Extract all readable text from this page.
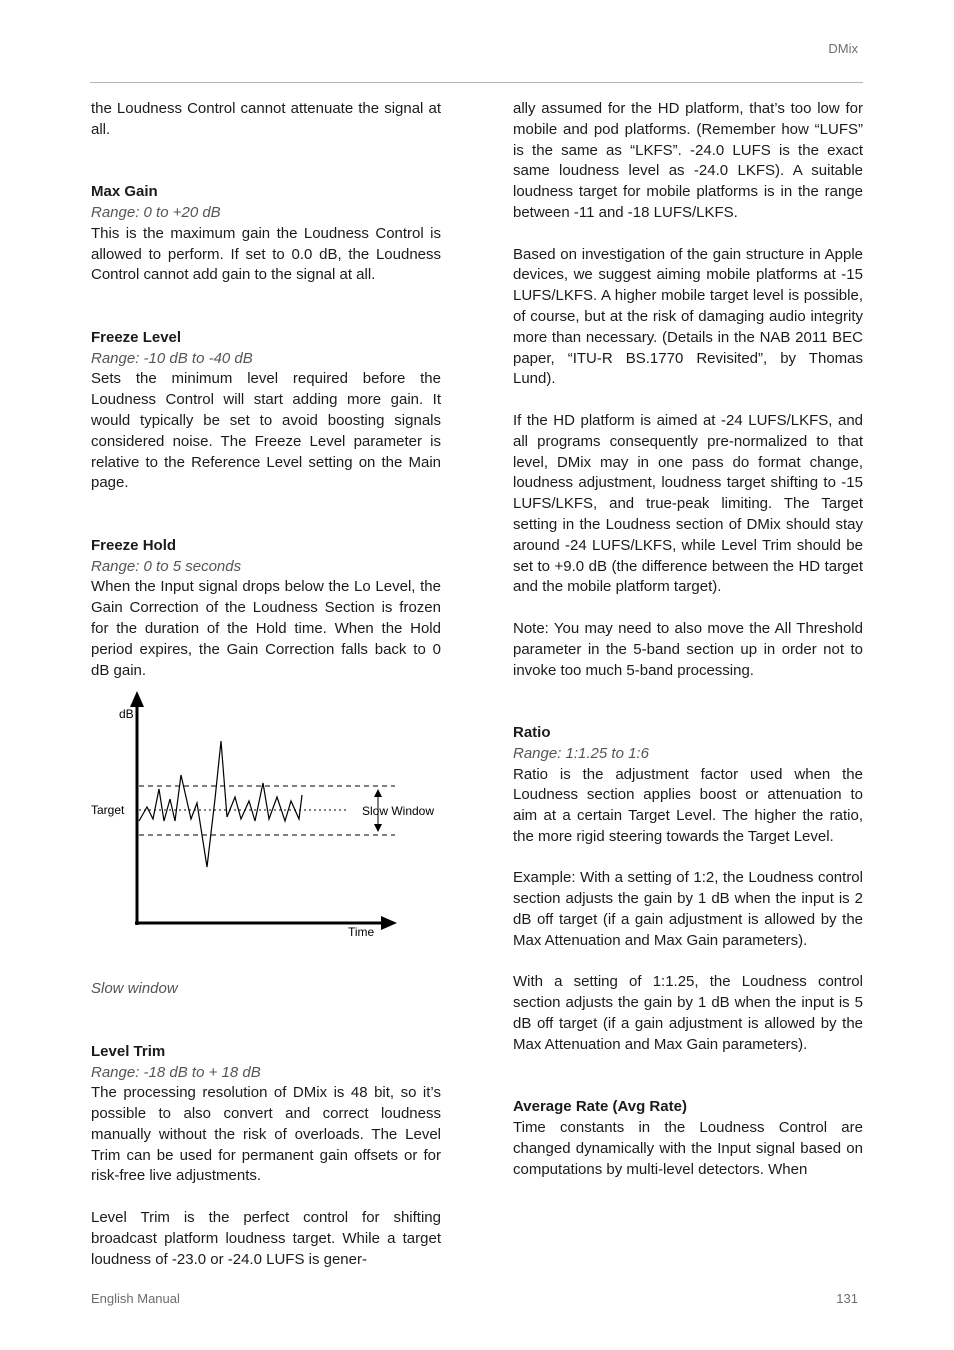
DMix

the Loudness Control cannot attenuate the signal at all.

Max Gain
Range: 0 to +20 dB

This is the maximum gain the Loudness Control is allowed to perform. If set to 0.0 dB, the Loudness Control cannot add gain to the signal at all.

Freeze Level
Range: -10 dB to -40 dB

Sets the minimum level required before the Loudness Control will start adding more gain. It would typically be set to avoid boosting signals considered noise. The Freeze Level parameter is relative to the Reference Level setting on the Main page.

Freeze Hold
Range: 0 to 5 seconds

When the Input signal drops below the Lo Level, the Gain Correction of the Loudness Section is frozen for the duration of the Hold time. When the Hold period expires, the Gain Correction falls back to 0 dB gain.

dB
Target	Slow Window
Time
Slow window
Level Trim
Range: -18 dB to + 18 dB

The processing resolution of DMix is 48 bit, so it’s possible to also convert and correct loudness manually without the risk of overloads. The Level Trim can be used for permanent gain offsets or for risk-free live adjustments.

Level Trim is the perfect control for shifting broadcast platform loudness target. While a target loudness of -23.0 or -24.0 LUFS is gener-

ally assumed for the HD platform, that’s too low for mobile and pod platforms. (Remember how “LUFS” is the same as “LKFS”. -24.0 LUFS is the exact same loudness level as -24.0 LKFS). A suitable loudness target for mobile platforms is in the range between -11 and -18 LUFS/LKFS.

Based on investigation of the gain structure in Apple devices, we suggest aiming mobile platforms at -15 LUFS/LKFS. A higher mobile target level is possible, of course, but at the risk of damaging audio integrity more than necessary. (Details in the NAB 2011 BEC paper, “ITU-R BS.1770 Revisited”, by Thomas Lund).

If the HD platform is aimed at -24 LUFS/LKFS, and all programs consequently pre-normalized to that level, DMix may in one pass do format change, loudness adjustment, loudness target shifting to -15 LUFS/LKFS, and true-peak limiting. The Target setting in the Loudness section of DMix should stay around -24 LUFS/LKFS, while Level Trim should be set to +9.0 dB (the difference between the HD target and the mobile platform target).

Note: You may need to also move the All Threshold parameter in the 5-band section up in order not to invoke too much 5-band processing.

Ratio
Range: 1:1.25 to 1:6

Ratio is the adjustment factor used when the Loudness section applies boost or attenuation to aim at a certain Target Level. The higher the ratio, the more rigid steering towards the Target Level.

Example: With a setting of 1:2, the Loudness control section adjusts the gain by 1 dB when the input is 2 dB off target (if a gain adjustment is allowed by the Max Attenuation and Max Gain parameters).

With a setting of 1:1.25, the Loudness control section adjusts the gain by 1 dB when the input is 5 dB off target (if a gain adjustment is allowed by the Max Attenuation and Max Gain parameters).

Average Rate (Avg Rate)

Time constants in the Loudness Control are changed dynamically with the Input signal based on computations by multi-level detectors. When

English Manual	131
